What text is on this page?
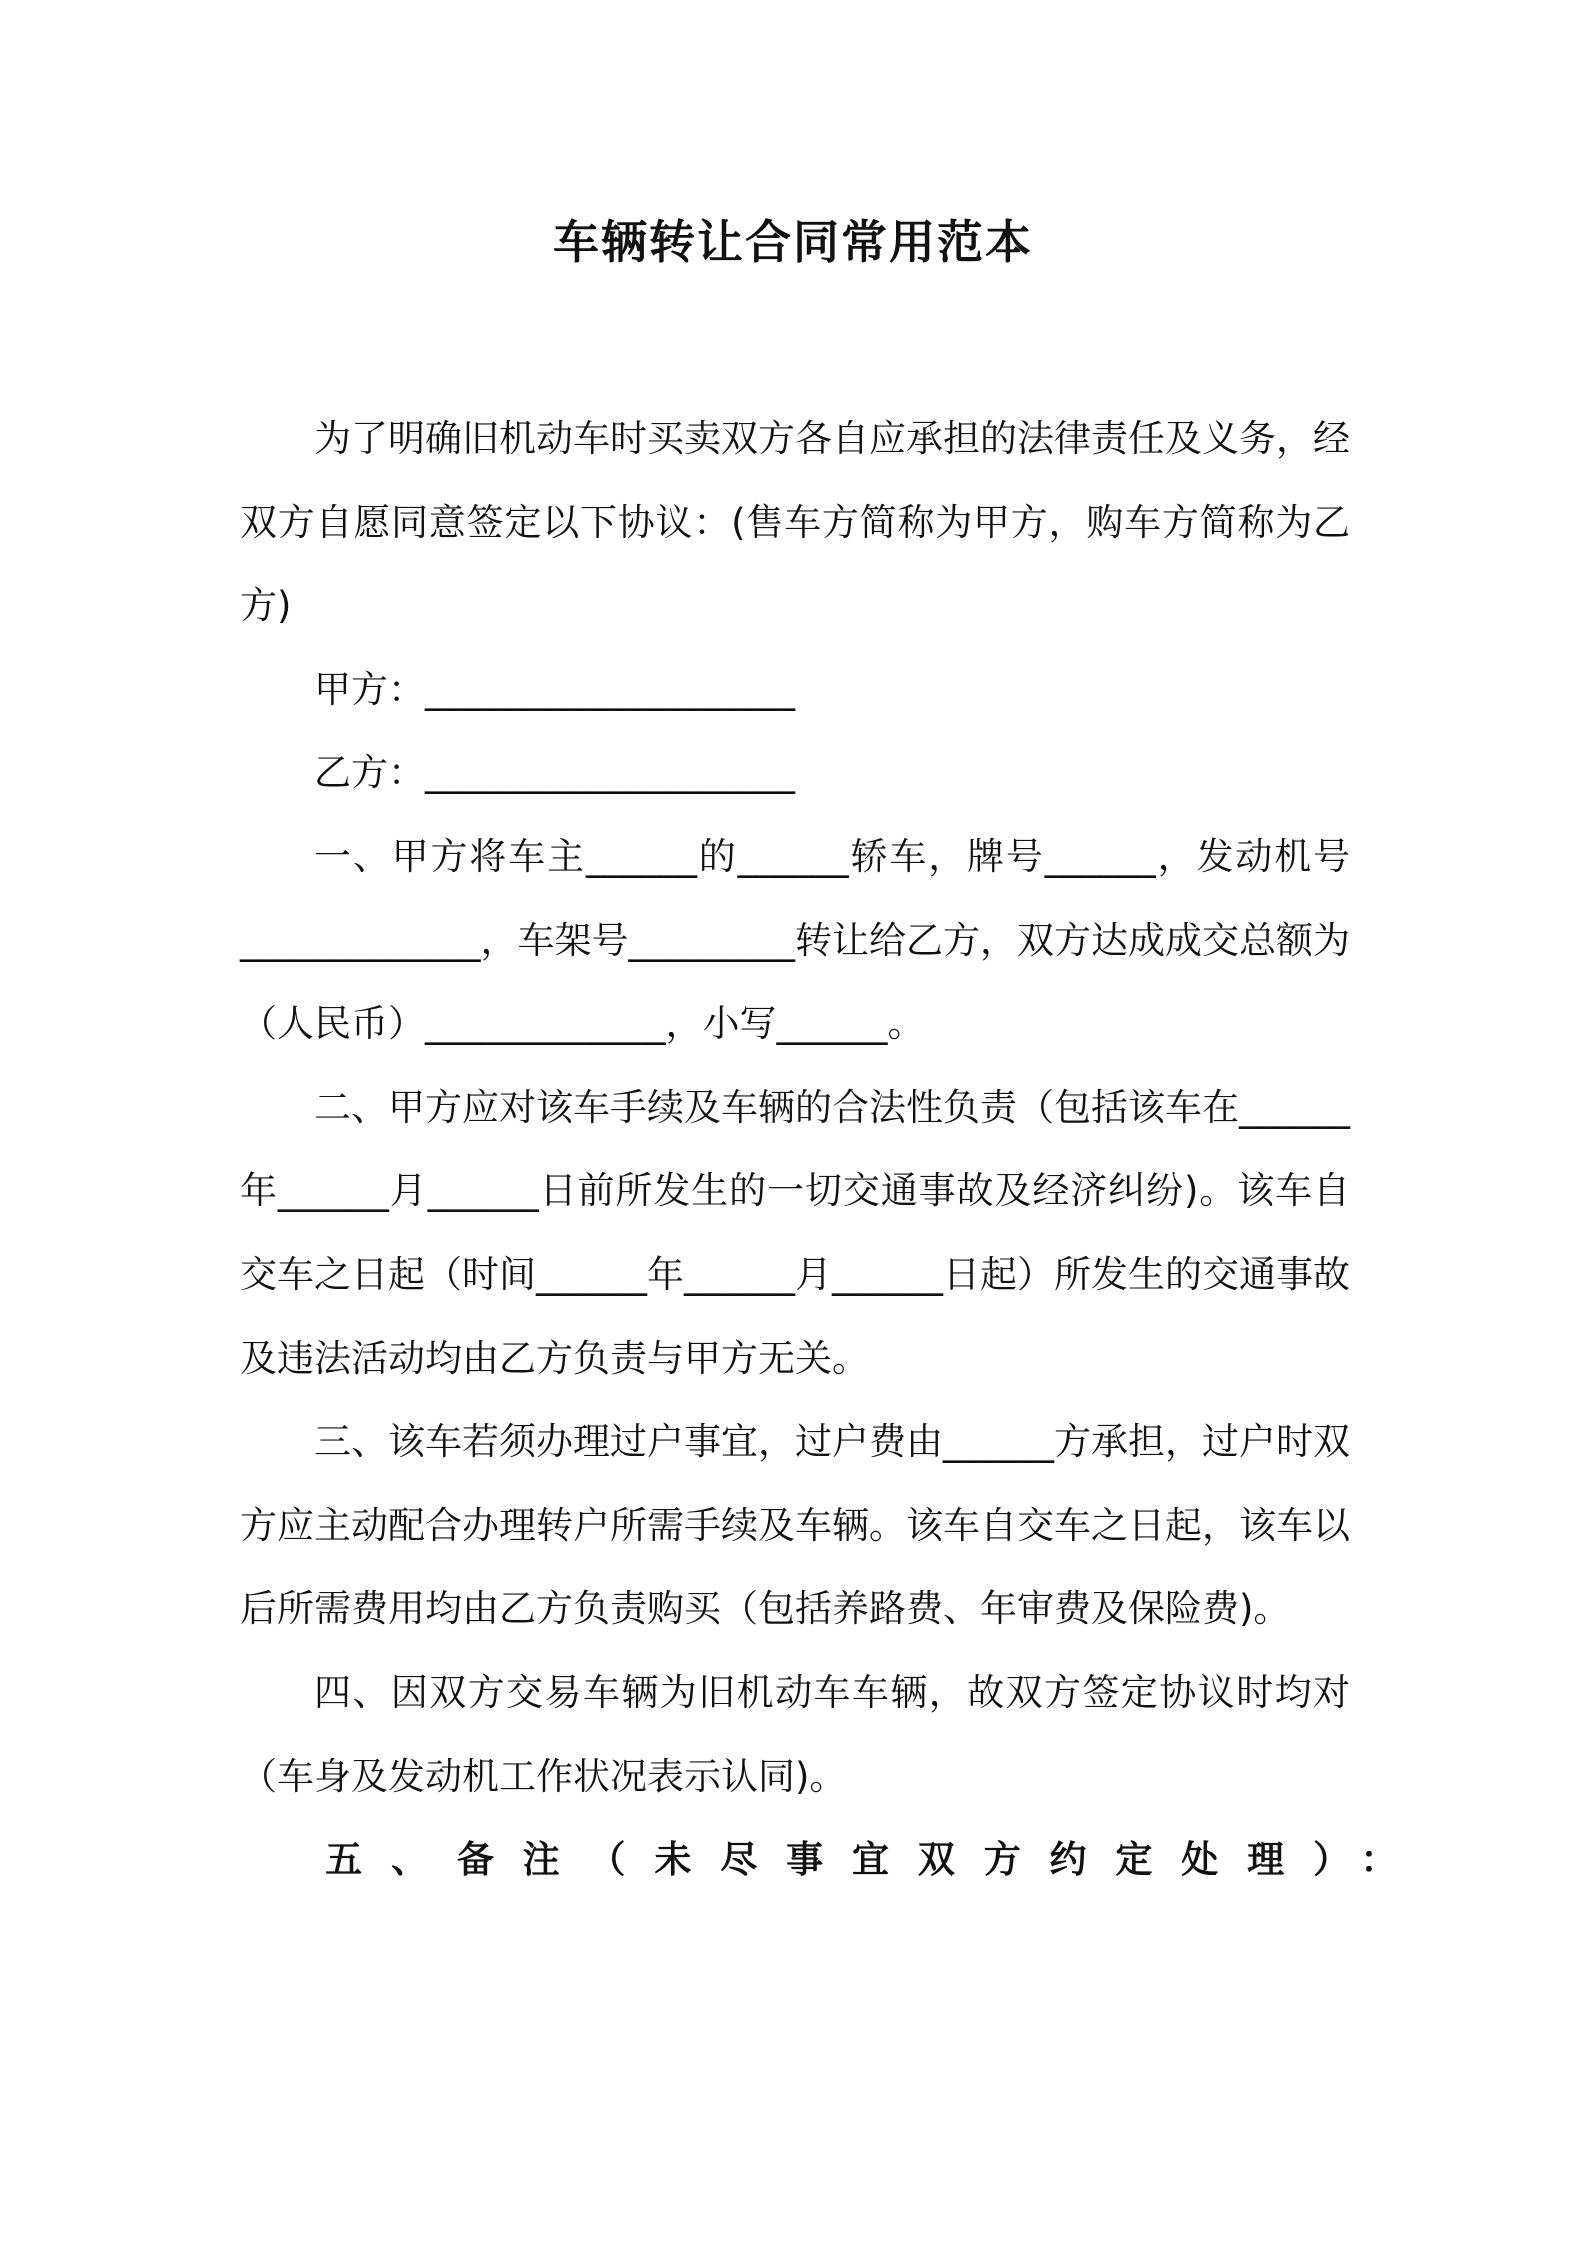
车辆转让合同常用范本

为了明确旧机动车时买卖双方各自应承担的法律责任及义务，经双方自愿同意签定以下协议：(售车方简称为甲方，购车方简称为乙方)

甲方：____________________

乙方：____________________

一、甲方将车主______的______轿车，牌号______，发动机号_____________，车架号_________转让给乙方，双方达成成交总额为（人民币）_____________，小写______。

二、甲方应对该车手续及车辆的合法性负责（包括该车在______年______月______日前所发生的一切交通事故及经济纠纷)。该车自交车之日起（时间______年______月______日起）所发生的交通事故及违法活动均由乙方负责与甲方无关。

三、该车若须办理过户事宜，过户费由______方承担，过户时双方应主动配合办理转户所需手续及车辆。该车自交车之日起，该车以后所需费用均由乙方负责购买（包括养路费、年审费及保险费)。

四、因双方交易车辆为旧机动车车辆，故双方签定协议时均对（车身及发动机工作状况表示认同)。

五、备注（未尽事宜双方约定处理）：
